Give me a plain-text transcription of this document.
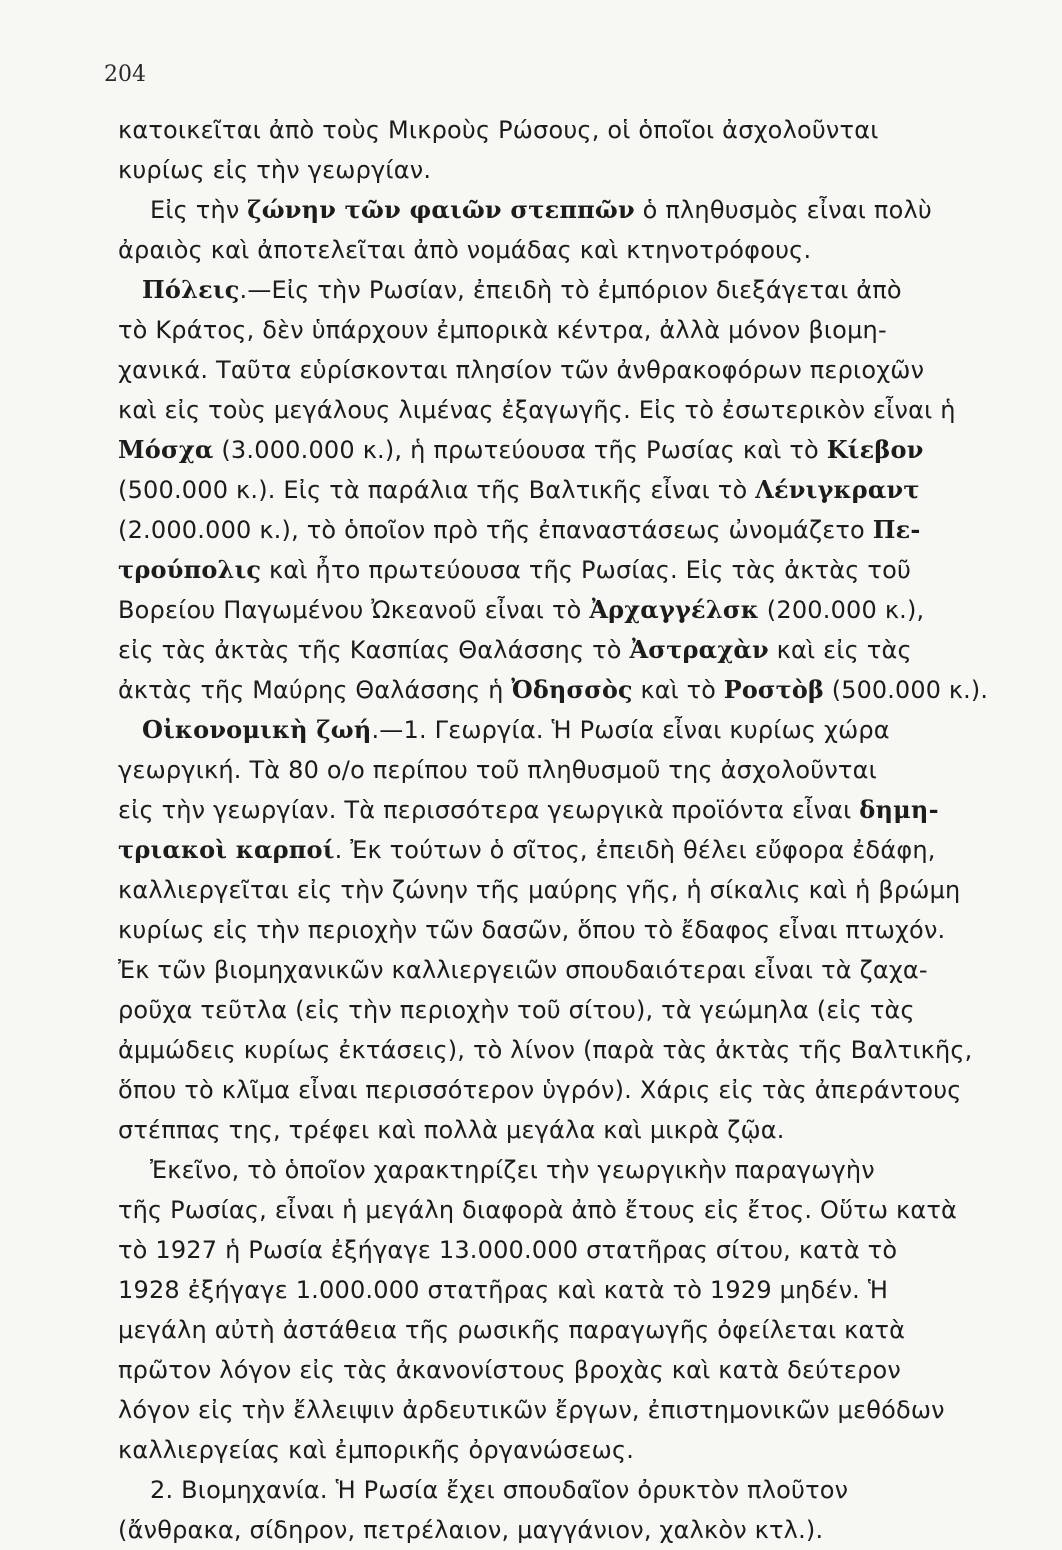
204
κατοικεῖται ἀπὸ τοὺς Μικροὺς Ρώσους, οἱ ὁποῖοι ἀσχολοῦνται
κυρίως εἰς τὴν γεωργίαν.
Εἰς τὴν ζώνην τῶν φαιῶν στεππῶν ὁ πληθυσμὸς εἶναι πολὺ
ἀραιὸς καὶ ἀποτελεῖται ἀπὸ νομάδας καὶ κτηνοτρόφους.
Πόλεις.—Εἰς τὴν Ρωσίαν, ἐπειδὴ τὸ ἐμπόριον διεξάγεται ἀπὸ
τὸ Κράτος, δὲν ὑπάρχουν ἐμπορικὰ κέντρα, ἀλλὰ μόνον βιομη-
χανικά. Ταῦτα εὑρίσκονται πλησίον τῶν ἀνθρακοφόρων περιοχῶν
καὶ εἰς τοὺς μεγάλους λιμένας ἐξαγωγῆς. Εἰς τὸ ἐσωτερικὸν εἶναι ἡ
Μόσχα (3.000.000 κ.), ἡ πρωτεύουσα τῆς Ρωσίας καὶ τὸ Κίεβον
(500.000 κ.). Εἰς τὰ παράλια τῆς Βαλτικῆς εἶναι τὸ Λένιγκραντ
(2.000.000 κ.), τὸ ὁποῖον πρὸ τῆς ἐπαναστάσεως ὠνομάζετο Πε-
τρούπολις καὶ ἦτο πρωτεύουσα τῆς Ρωσίας. Εἰς τὰς ἀκτὰς τοῦ
Βορείου Παγωμένου Ὠκεανοῦ εἶναι τὸ Ἀρχαγγέλσκ (200.000 κ.),
εἰς τὰς ἀκτὰς τῆς Κασπίας Θαλάσσης τὸ Ἀστραχὰν καὶ εἰς τὰς
ἀκτὰς τῆς Μαύρης Θαλάσσης ἡ Ὀδησσὸς καὶ τὸ Ροστὸβ (500.000 κ.).
Οἰκονομικὴ ζωή.—1. Γεωργία. Ἡ Ρωσία εἶναι κυρίως χώρα
γεωργική. Τὰ 80 ο/ο περίπου τοῦ πληθυσμοῦ της ἀσχολοῦνται
εἰς τὴν γεωργίαν. Τὰ περισσότερα γεωργικὰ προϊόντα εἶναι δημη-
τριακοὶ καρποί. Ἐκ τούτων ὁ σῖτος, ἐπειδὴ θέλει εὔφορα ἐδάφη,
καλλιεργεῖται εἰς τὴν ζώνην τῆς μαύρης γῆς, ἡ σίκαλις καὶ ἡ βρώμη
κυρίως εἰς τὴν περιοχὴν τῶν δασῶν, ὅπου τὸ ἔδαφος εἶναι πτωχόν.
Ἐκ τῶν βιομηχανικῶν καλλιεργειῶν σπουδαιότεραι εἶναι τὰ ζαχα-
ροῦχα τεῦτλα (εἰς τὴν περιοχὴν τοῦ σίτου), τὰ γεώμηλα (εἰς τὰς
ἀμμώδεις κυρίως ἐκτάσεις), τὸ λίνον (παρὰ τὰς ἀκτὰς τῆς Βαλτικῆς,
ὅπου τὸ κλῖμα εἶναι περισσότερον ὑγρόν). Χάρις εἰς τὰς ἀπεράντους
στέππας της, τρέφει καὶ πολλὰ μεγάλα καὶ μικρὰ ζῷα.
Ἐκεῖνο, τὸ ὁποῖον χαρακτηρίζει τὴν γεωργικὴν παραγωγὴν
τῆς Ρωσίας, εἶναι ἡ μεγάλη διαφορὰ ἀπὸ ἔτους εἰς ἔτος. Οὕτω κατὰ
τὸ 1927 ἡ Ρωσία ἐξήγαγε 13.000.000 στατῆρας σίτου, κατὰ τὸ
1928 ἐξήγαγε 1.000.000 στατῆρας καὶ κατὰ τὸ 1929 μηδέν. Ἡ
μεγάλη αὐτὴ ἀστάθεια τῆς ρωσικῆς παραγωγῆς ὀφείλεται κατὰ
πρῶτον λόγον εἰς τὰς ἀκανονίστους βροχὰς καὶ κατὰ δεύτερον
λόγον εἰς τὴν ἔλλειψιν ἀρδευτικῶν ἔργων, ἐπιστημονικῶν μεθόδων
καλλιεργείας καὶ ἐμπορικῆς ὀργανώσεως.
2. Βιομηχανία. Ἡ Ρωσία ἔχει σπουδαῖον ὀρυκτὸν πλοῦτον
(ἄνθρακα, σίδηρον, πετρέλαιον, μαγγάνιον, χαλκὸν κτλ.).
